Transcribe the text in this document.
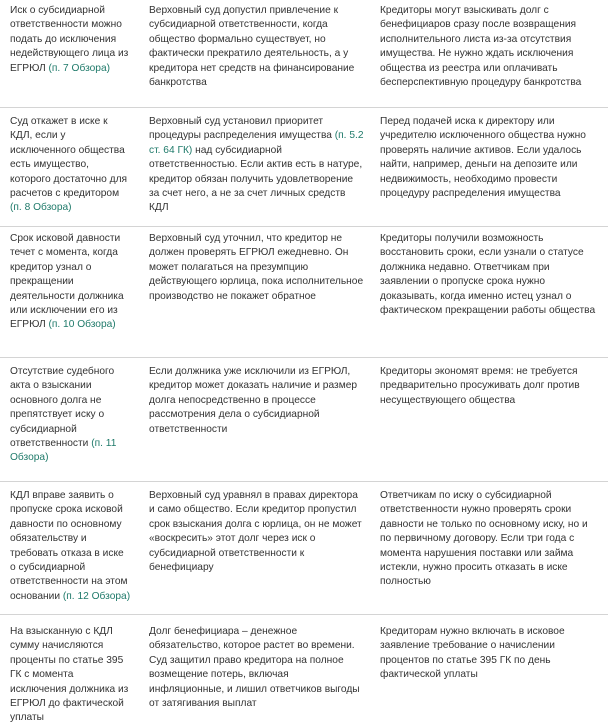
Иск о субсидиарной ответственности можно подать до исключения недействующего лица из ЕГРЮЛ (п. 7 Обзора)
Верховный суд допустил привлечение к субсидиарной ответственности, когда общество формально существует, но фактически прекратило деятельность, а у кредитора нет средств на финансирование банкротства
Кредиторы могут взыскивать долг с бенефициаров сразу после возвращения исполнительного листа из-за отсутствия имущества. Не нужно ждать исключения общества из реестра или оплачивать бесперспективную процедуру банкротства
Суд откажет в иске к КДЛ, если у исключенного общества есть имущество, которого достаточно для расчетов с кредитором (п. 8 Обзора)
Верховный суд установил приоритет процедуры распределения имущества (п. 5.2 ст. 64 ГК) над субсидиарной ответственностью. Если актив есть в натуре, кредитор обязан получить удовлетворение за счет него, а не за счет личных средств КДЛ
Перед подачей иска к директору или учредителю исключенного общества нужно проверять наличие активов. Если удалось найти, например, деньги на депозите или недвижимость, необходимо провести процедуру распределения имущества
Срок исковой давности течет с момента, когда кредитор узнал о прекращении деятельности должника или исключении его из ЕГРЮЛ (п. 10 Обзора)
Верховный суд уточнил, что кредитор не должен проверять ЕГРЮЛ ежедневно. Он может полагаться на презумпцию действующего юрлица, пока исполнительное производство не покажет обратное
Кредиторы получили возможность восстановить сроки, если узнали о статусе должника недавно. Ответчикам при заявлении о пропуске срока нужно доказывать, когда именно истец узнал о фактическом прекращении работы общества
Отсутствие судебного акта о взыскании основного долга не препятствует иску о субсидиарной ответственности (п. 11 Обзора)
Если должника уже исключили из ЕГРЮЛ, кредитор может доказать наличие и размер долга непосредственно в процессе рассмотрения дела о субсидиарной ответственности
Кредиторы экономят время: не требуется предварительно просуживать долг против несуществующего общества
КДЛ вправе заявить о пропуске срока исковой давности по основному обязательству и требовать отказа в иске о субсидиарной ответственности на этом основании (п. 12 Обзора)
Верховный суд уравнял в правах директора и само общество. Если кредитор пропустил срок взыскания долга с юрлица, он не может «воскресить» этот долг через иск о субсидиарной ответственности к бенефициару
Ответчикам по иску о субсидиарной ответственности нужно проверять сроки давности не только по основному иску, но и по первичному договору. Если три года с момента нарушения поставки или займа истекли, нужно просить отказать в иске полностью
На взысканную с КДЛ сумму начисляются проценты по статье 395 ГК с момента исключения должника из ЕГРЮЛ до фактической уплаты
Долг бенефициара – денежное обязательство, которое растет во времени. Суд защитил право кредитора на полное возмещение потерь, включая инфляционные, и лишил ответчиков выгоды от затягивания выплат
Кредиторам нужно включать в исковое заявление требование о начислении процентов по статье 395 ГК по день фактической уплаты
